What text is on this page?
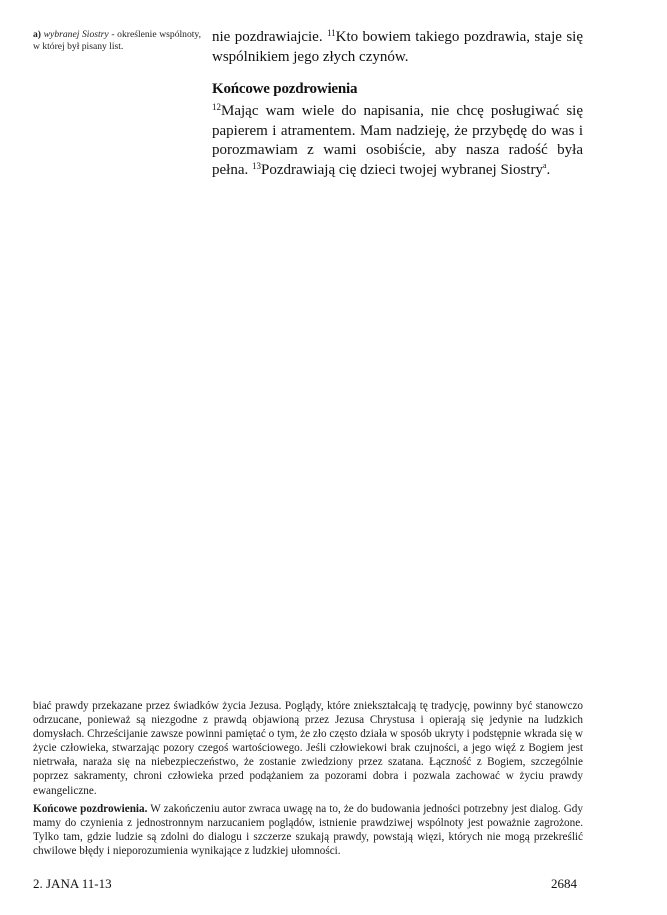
a) wybranej Siostry - określenie wspólnoty, w której był pisany list.

nie pozdrawiajcie. $^{11}$Kto bowiem takiego pozdrawia, staje się wspólnikiem jego złych czynów.

Końcowe pozdrowienia

$^{12}$Mając wam wiele do napisania, nie chcę posługiwać się papierem i atramentem. Mam nadzieję, że przybędę do was i porozmawiam z wami osobiście, aby nasza radość była pełna. $^{13}$Pozdrawiają cię dzieci twojej wybranej Siostry$^a$.

biać prawdy przekazane przez świadków życia Jezusa. Poglądy, które zniekształcają tę tradycję, powinny być stanowczo odrzucane, ponieważ są niezgodne z prawdą objawioną przez Jezusa Chrystusa i opierają się jedynie na ludzkich domysłach. Chrześcijanie zawsze powinni pamiętać o tym, że zło często działa w sposób ukryty i podstępnie wkrada się w życie człowieka, stwarzając pozory czegoś wartościowego. Jeśli człowiekowi brak czujności, a jego więź z Bogiem jest nietrwała, naraża się na niebezpieczeństwo, że zostanie zwiedziony przez szatana. Łączność z Bogiem, szczególnie poprzez sakramenty, chroni człowieka przed podążaniem za pozorami dobra i pozwala zachować w życiu prawdy ewangeliczne.

Końcowe pozdrowienia. W zakończeniu autor zwraca uwagę na to, że do budowania jedności potrzebny jest dialog. Gdy mamy do czynienia z jednostronnym narzucaniem poglądów, istnienie prawdziwej wspólnoty jest poważnie zagrożone. Tylko tam, gdzie ludzie są zdolni do dialogu i szczerze szukają prawdy, powstają więzi, których nie mogą przekreślić chwilowe błędy i nieporozumienia wynikające z ludzkiej ułomności.

2. JANA 11-13	2684
